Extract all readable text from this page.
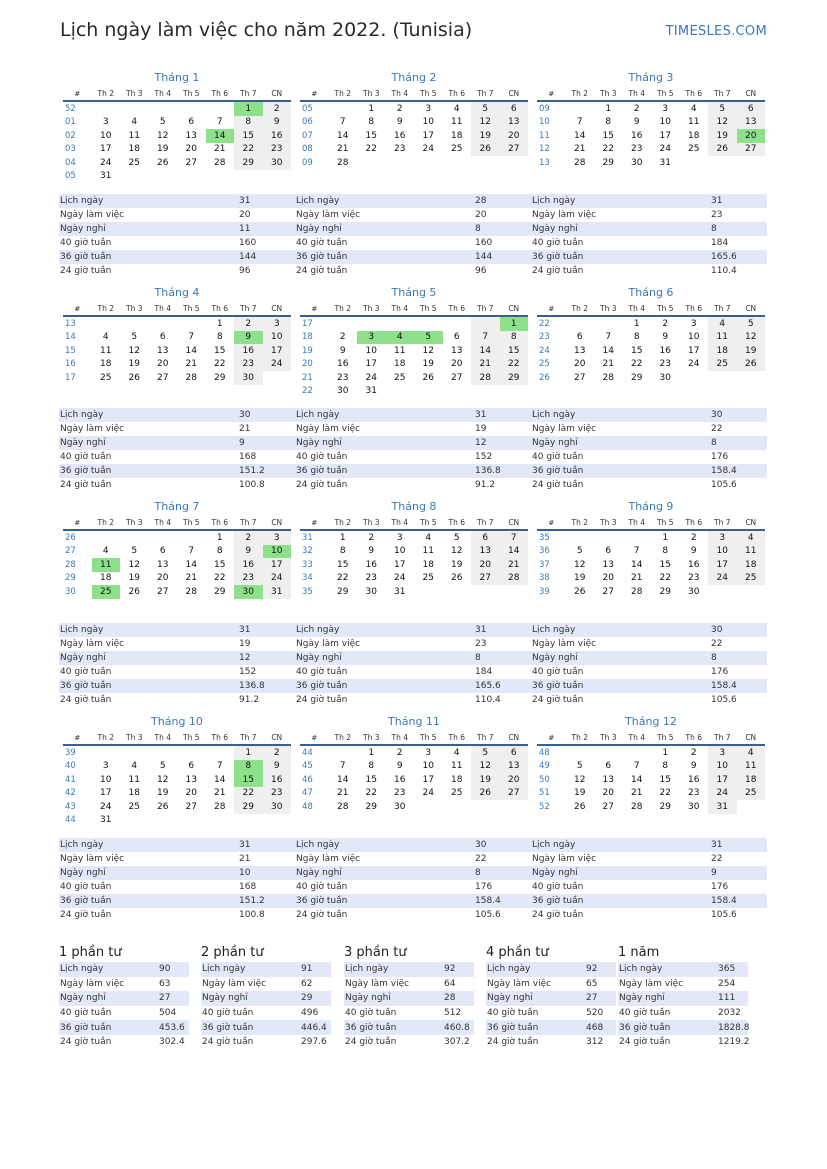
Lịch ngày làm việc cho năm 2022. (Tunisia)	TIMESLES.COM
Tháng 1
#	Th 2	Th 3	Th 4	Th 5	Th 6	Th 7	CN
52						1	2
01	3	4	5	6	7	8	9
02	10	11	12	13	14	15	16
03	17	18	19	20	21	22	23
04	24	25	26	27	28	29	30
05	31						
Lịch ngày	31
Ngày làm việc	20
Ngày nghỉ	11
40 giờ tuần	160
36 giờ tuần	144
24 giờ tuần	96
Tháng 2
#	Th 2	Th 3	Th 4	Th 5	Th 6	Th 7	CN
05		1	2	3	4	5	6
06	7	8	9	10	11	12	13
07	14	15	16	17	18	19	20
08	21	22	23	24	25	26	27
09	28						
Lịch ngày	28
Ngày làm việc	20
Ngày nghỉ	8
40 giờ tuần	160
36 giờ tuần	144
24 giờ tuần	96
Tháng 3
#	Th 2	Th 3	Th 4	Th 5	Th 6	Th 7	CN
09		1	2	3	4	5	6
10	7	8	9	10	11	12	13
11	14	15	16	17	18	19	20
12	21	22	23	24	25	26	27
13	28	29	30	31			
Lịch ngày	31
Ngày làm việc	23
Ngày nghỉ	8
40 giờ tuần	184
36 giờ tuần	165.6
24 giờ tuần	110.4
Tháng 4
#	Th 2	Th 3	Th 4	Th 5	Th 6	Th 7	CN
13					1	2	3
14	4	5	6	7	8	9	10
15	11	12	13	14	15	16	17
16	18	19	20	21	22	23	24
17	25	26	27	28	29	30	
Lịch ngày	30
Ngày làm việc	21
Ngày nghỉ	9
40 giờ tuần	168
36 giờ tuần	151.2
24 giờ tuần	100.8
Tháng 5
#	Th 2	Th 3	Th 4	Th 5	Th 6	Th 7	CN
17							1
18	2	3	4	5	6	7	8
19	9	10	11	12	13	14	15
20	16	17	18	19	20	21	22
21	23	24	25	26	27	28	29
22	30	31					
Lịch ngày	31
Ngày làm việc	19
Ngày nghỉ	12
40 giờ tuần	152
36 giờ tuần	136.8
24 giờ tuần	91.2
Tháng 6
#	Th 2	Th 3	Th 4	Th 5	Th 6	Th 7	CN
22			1	2	3	4	5
23	6	7	8	9	10	11	12
24	13	14	15	16	17	18	19
25	20	21	22	23	24	25	26
26	27	28	29	30			
Lịch ngày	30
Ngày làm việc	22
Ngày nghỉ	8
40 giờ tuần	176
36 giờ tuần	158.4
24 giờ tuần	105.6
Tháng 7
#	Th 2	Th 3	Th 4	Th 5	Th 6	Th 7	CN
26					1	2	3
27	4	5	6	7	8	9	10
28	11	12	13	14	15	16	17
29	18	19	20	21	22	23	24
30	25	26	27	28	29	30	31
Lịch ngày	31
Ngày làm việc	19
Ngày nghỉ	12
40 giờ tuần	152
36 giờ tuần	136.8
24 giờ tuần	91.2
Tháng 8
#	Th 2	Th 3	Th 4	Th 5	Th 6	Th 7	CN
31	1	2	3	4	5	6	7
32	8	9	10	11	12	13	14
33	15	16	17	18	19	20	21
34	22	23	24	25	26	27	28
35	29	30	31				
Lịch ngày	31
Ngày làm việc	23
Ngày nghỉ	8
40 giờ tuần	184
36 giờ tuần	165.6
24 giờ tuần	110.4
Tháng 9
#	Th 2	Th 3	Th 4	Th 5	Th 6	Th 7	CN
35				1	2	3	4
36	5	6	7	8	9	10	11
37	12	13	14	15	16	17	18
38	19	20	21	22	23	24	25
39	26	27	28	29	30		
Lịch ngày	30
Ngày làm việc	22
Ngày nghỉ	8
40 giờ tuần	176
36 giờ tuần	158.4
24 giờ tuần	105.6
Tháng 10
#	Th 2	Th 3	Th 4	Th 5	Th 6	Th 7	CN
39						1	2
40	3	4	5	6	7	8	9
41	10	11	12	13	14	15	16
42	17	18	19	20	21	22	23
43	24	25	26	27	28	29	30
44	31						
Lịch ngày	31
Ngày làm việc	21
Ngày nghỉ	10
40 giờ tuần	168
36 giờ tuần	151.2
24 giờ tuần	100.8
Tháng 11
#	Th 2	Th 3	Th 4	Th 5	Th 6	Th 7	CN
44		1	2	3	4	5	6
45	7	8	9	10	11	12	13
46	14	15	16	17	18	19	20
47	21	22	23	24	25	26	27
48	28	29	30				
Lịch ngày	30
Ngày làm việc	22
Ngày nghỉ	8
40 giờ tuần	176
36 giờ tuần	158.4
24 giờ tuần	105.6
Tháng 12
#	Th 2	Th 3	Th 4	Th 5	Th 6	Th 7	CN
48				1	2	3	4
49	5	6	7	8	9	10	11
50	12	13	14	15	16	17	18
51	19	20	21	22	23	24	25
52	26	27	28	29	30	31	
Lịch ngày	31
Ngày làm việc	22
Ngày nghỉ	9
40 giờ tuần	176
36 giờ tuần	158.4
24 giờ tuần	105.6
1 phần tư
Lịch ngày	90
Ngày làm việc	63
Ngày nghỉ	27
40 giờ tuần	504
36 giờ tuần	453.6
24 giờ tuần	302.4
2 phần tư
Lịch ngày	91
Ngày làm việc	62
Ngày nghỉ	29
40 giờ tuần	496
36 giờ tuần	446.4
24 giờ tuần	297.6
3 phần tư
Lịch ngày	92
Ngày làm việc	64
Ngày nghỉ	28
40 giờ tuần	512
36 giờ tuần	460.8
24 giờ tuần	307.2
4 phần tư
Lịch ngày	92
Ngày làm việc	65
Ngày nghỉ	27
40 giờ tuần	520
36 giờ tuần	468
24 giờ tuần	312
1 năm
Lịch ngày	365
Ngày làm việc	254
Ngày nghỉ	111
40 giờ tuần	2032
36 giờ tuần	1828.8
24 giờ tuần	1219.2
